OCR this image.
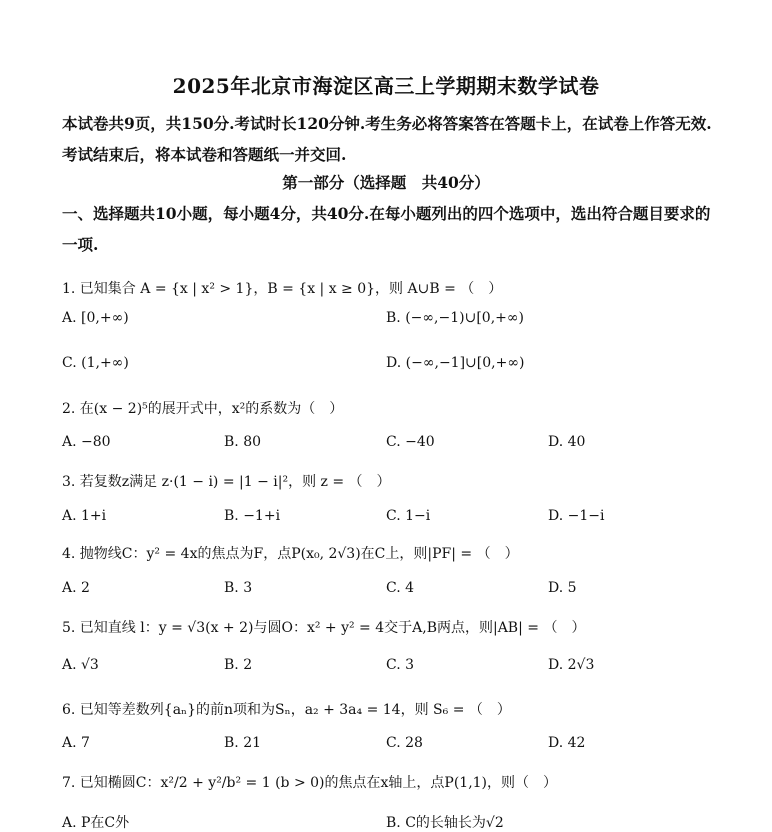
2025年北京市海淀区高三上学期期末数学试卷
本试卷共9页，共150分.考试时长120分钟.考生务必将答案答在答题卡上，在试卷上作答无效.考试结束后，将本试卷和答题纸一并交回.
第一部分（选择题　共40分）
一、选择题共10小题，每小题4分，共40分.在每小题列出的四个选项中，选出符合题目要求的一项.
1. 已知集合 A = {x | x² > 1}，B = {x | x ≥ 0}，则 A∪B = （　）
A. [0,+∞)	B. (−∞,−1)∪[0,+∞)
C. (1,+∞)	D. (−∞,−1]∪[0,+∞)
2. 在(x − 2)⁵的展开式中，x²的系数为（　）
A. −80	B. 80	C. −40	D. 40
3. 若复数z满足 z·(1 − i) = |1 − i|²，则 z = （　）
A. 1+i	B. −1+i	C. 1−i	D. −1−i
4. 抛物线C：y² = 4x的焦点为F，点P(x₀, 2√3)在C上，则|PF| = （　）
A. 2	B. 3	C. 4	D. 5
5. 已知直线 l：y = √3(x + 2)与圆O：x² + y² = 4交于A,B两点，则|AB| = （　）
A. √3	B. 2	C. 3	D. 2√3
6. 已知等差数列{aₙ}的前n项和为Sₙ，a₂ + 3a₄ = 14，则 S₆ = （　）
A. 7	B. 21	C. 28	D. 42
7. 已知椭圆C：x²/2 + y²/b² = 1 (b > 0)的焦点在x轴上，点P(1,1)，则（　）
A. P在C外	B. C的长轴长为√2
